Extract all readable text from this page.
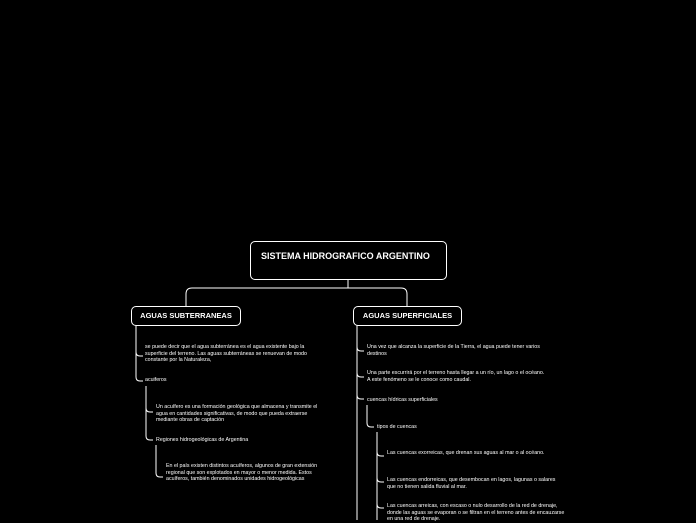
SISTEMA HIDROGRAFICO ARGENTINO
AGUAS SUBTERRANEAS

se puede decir que el agua subterránea es el agua existente bajo la superficie del terreno. Las aguas subterráneas se renuevan de modo constante por la Naturaleza,

acuiferos

Un acuífero es una formación geológica que almacena y transmite el agua en cantidades significativas, de modo que pueda extraerse mediante obras de captación

Regiones hidrogeológicas de Argentina

En el país existen distintos acuíferos, algunos de gran extensión regional que son explotados en mayor o menor medida. Estos acuíferos, también denominados unidades hidrogeológicas

AGUAS SUPERFICIALES

Una vez que alcanza la superficie de la Tierra, el agua puede tener varios destinos

Una parte escurrirá por el terreno hasta llegar a un río, un lago o el océano. A este fenómeno se le conoce como caudal.

cuencas hídricas superficiales

tipos de cuencas

Las cuencas exorreicas, que drenan sus aguas al mar o al océano.

Las cuencas endorreicas, que desembocan en lagos, lagunas o salares que no tienen salida fluvial al mar.

Las cuencas arreicas, con escaso o nulo desarrollo de la red de drenaje, donde las aguas se evaporan o se filtran en el terreno antes de encauzarse en una red de drenaje.
